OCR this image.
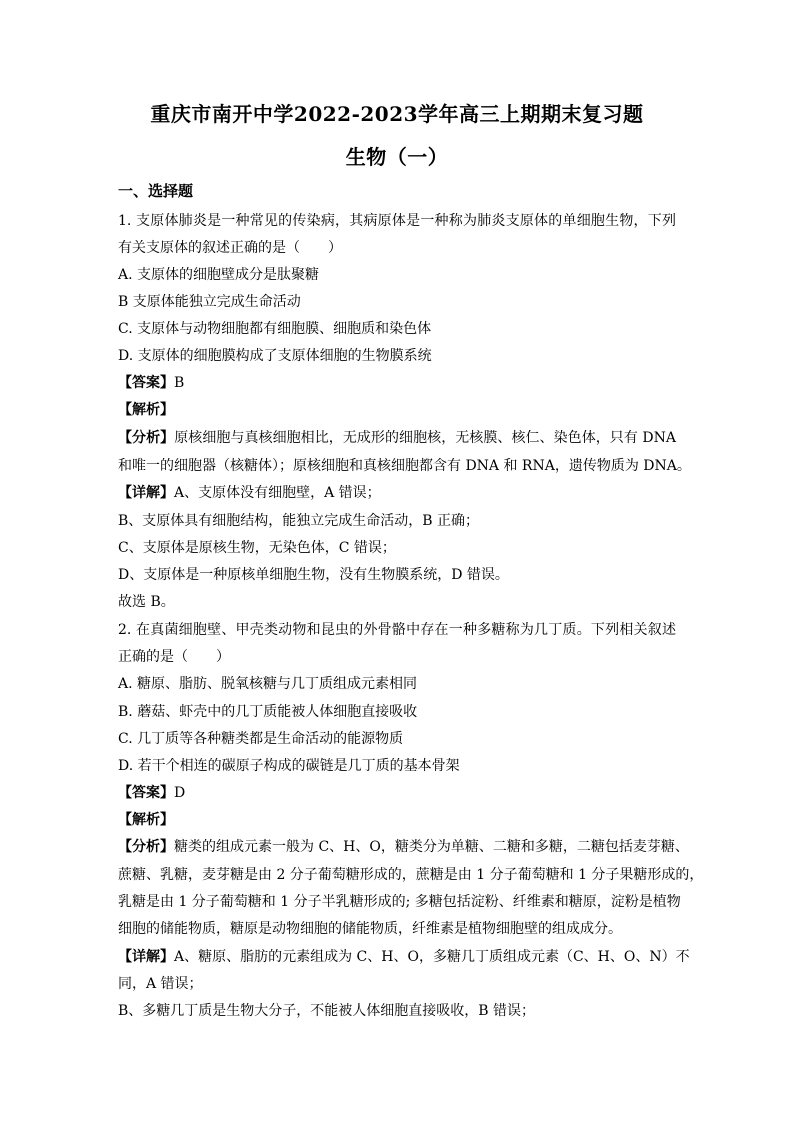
重庆市南开中学2022-2023学年高三上期期末复习题
生物（一）
一、选择题
1. 支原体肺炎是一种常见的传染病，其病原体是一种称为肺炎支原体的单细胞生物，下列
有关支原体的叙述正确的是（　　）
A. 支原体的细胞壁成分是肽聚糖
B 支原体能独立完成生命活动
C. 支原体与动物细胞都有细胞膜、细胞质和染色体
D. 支原体的细胞膜构成了支原体细胞的生物膜系统
【答案】B
【解析】
【分析】原核细胞与真核细胞相比，无成形的细胞核，无核膜、核仁、染色体，只有 DNA
和唯一的细胞器（核糖体）；原核细胞和真核细胞都含有 DNA 和 RNA，遗传物质为 DNA。
【详解】A、支原体没有细胞壁，A 错误；
B、支原体具有细胞结构，能独立完成生命活动，B 正确；
C、支原体是原核生物，无染色体，C 错误；
D、支原体是一种原核单细胞生物，没有生物膜系统，D 错误。
故选 B。
2. 在真菌细胞壁、甲壳类动物和昆虫的外骨骼中存在一种多糖称为几丁质。下列相关叙述
正确的是（　　）
A. 糖原、脂肪、脱氧核糖与几丁质组成元素相同
B. 蘑菇、虾壳中的几丁质能被人体细胞直接吸收
C. 几丁质等各种糖类都是生命活动的能源物质
D. 若干个相连的碳原子构成的碳链是几丁质的基本骨架
【答案】D
【解析】
【分析】糖类的组成元素一般为 C、H、O，糖类分为单糖、二糖和多糖，二糖包括麦芽糖、
蔗糖、乳糖，麦芽糖是由 2 分子葡萄糖形成的，蔗糖是由 1 分子葡萄糖和 1 分子果糖形成的，
乳糖是由 1 分子葡萄糖和 1 分子半乳糖形成的; 多糖包括淀粉、纤维素和糖原，淀粉是植物
细胞的储能物质，糖原是动物细胞的储能物质，纤维素是植物细胞壁的组成成分。
【详解】A、糖原、脂肪的元素组成为 C、H、O，多糖几丁质组成元素（C、H、O、N）不
同，A 错误；
B、多糖几丁质是生物大分子，不能被人体细胞直接吸收，B 错误；
